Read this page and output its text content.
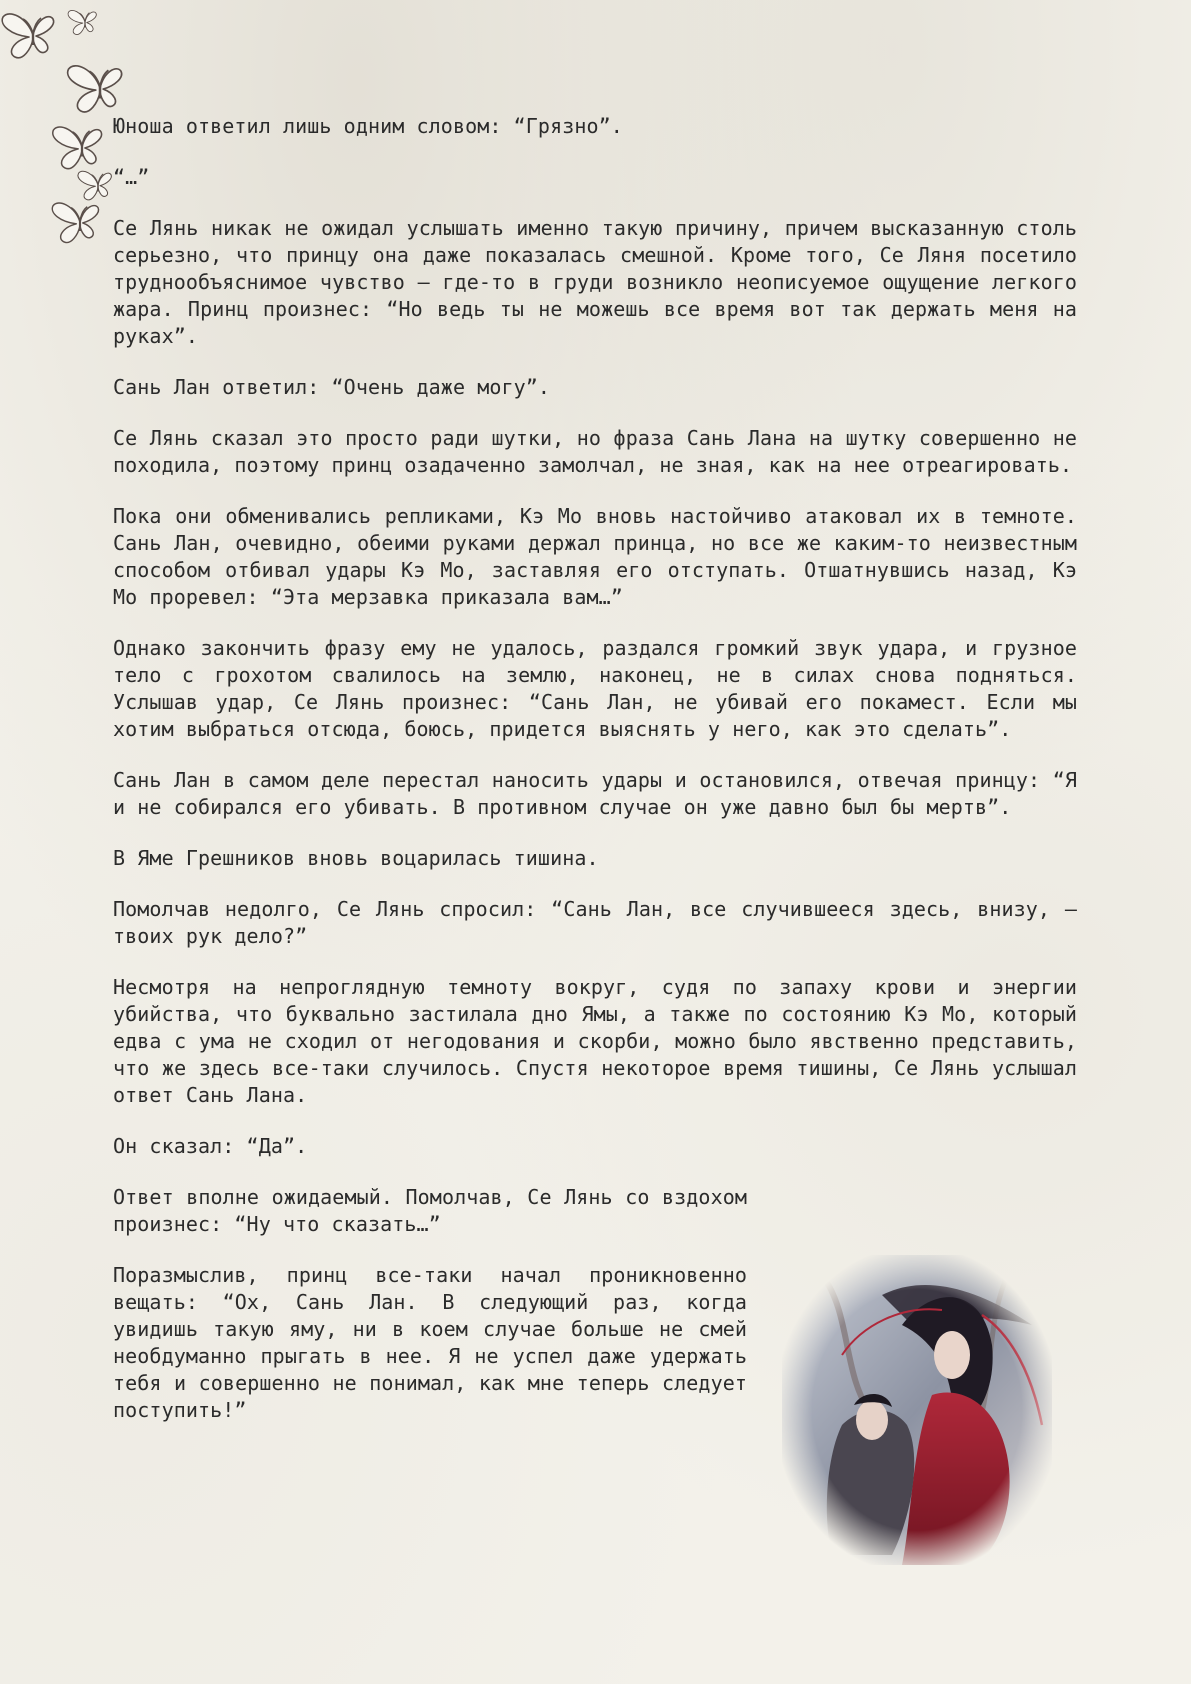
Юноша ответил лишь одним словом: “Грязно”.

“…”

Се Лянь никак не ожидал услышать именно такую причину, причем высказанную столь серьезно, что принцу она даже показалась смешной. Кроме того, Се Ляня посетило труднообъяснимое чувство — где-то в груди возникло неописуемое ощущение легкого жара. Принц произнес: “Но ведь ты не можешь все время вот так держать меня на руках”.

Сань Лан ответил: “Очень даже могу”.

Се Лянь сказал это просто ради шутки, но фраза Сань Лана на шутку совершенно не походила, поэтому принц озадаченно замолчал, не зная, как на нее отреагировать.

Пока они обменивались репликами, Кэ Мо вновь настойчиво атаковал их в темноте. Сань Лан, очевидно, обеими руками держал принца, но все же каким-то неизвестным способом отбивал удары Кэ Мо, заставляя его отступать. Отшатнувшись назад, Кэ Мо проревел: “Эта мерзавка приказала вам…”

Однако закончить фразу ему не удалось, раздался громкий звук удара, и грузное тело с грохотом свалилось на землю, наконец, не в силах снова подняться. Услышав удар, Се Лянь произнес: “Сань Лан, не убивай его покамест. Если мы хотим выбраться отсюда, боюсь, придется выяснять у него, как это сделать”.

Сань Лан в самом деле перестал наносить удары и остановился, отвечая принцу: “Я и не собирался его убивать. В противном случае он уже давно был бы мертв”.

В Яме Грешников вновь воцарилась тишина.

Помолчав недолго, Се Лянь спросил: “Сань Лан, все случившееся здесь, внизу, — твоих рук дело?”

Несмотря на непроглядную темноту вокруг, судя по запаху крови и энергии убийства, что буквально застилала дно Ямы, а также по состоянию Кэ Мо, который едва с ума не сходил от негодования и скорби, можно было явственно представить, что же здесь все-таки случилось. Спустя некоторое время тишины, Се Лянь услышал ответ Сань Лана.

Он сказал: “Да”.

Ответ вполне ожидаемый. Помолчав, Се Лянь со вздохом произнес: “Ну что сказать…”

Поразмыслив, принц все-таки начал проникновенно вещать: “Ох, Сань Лан. В следующий раз, когда увидишь такую яму, ни в коем случае больше не смей необдуманно прыгать в нее. Я не успел даже удержать тебя и совершенно не понимал, как мне теперь следует поступить!”
